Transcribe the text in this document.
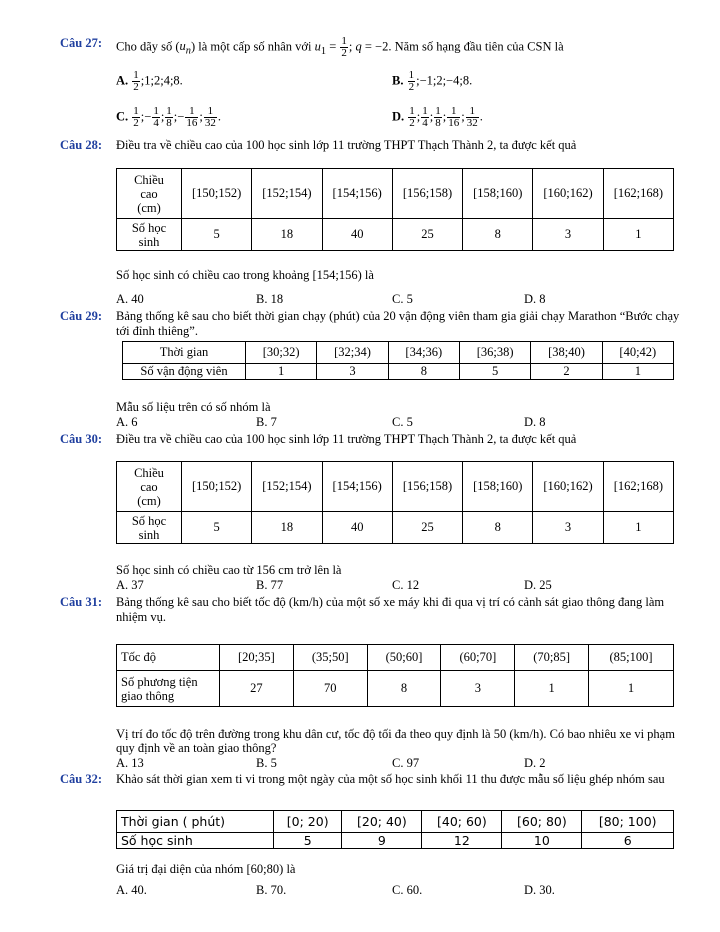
Câu 27:	Cho dãy số $(u_n)$ là một cấp số nhân với $u_1 = \frac{1}{2}$ ; q = −2. Năm số hạng đầu tiên của CSN là
A. $\frac{1}{2}$ ;1;2;4;8.	B. $\frac{1}{2}$ ;−1;2;−4;8.
C. $\frac{1}{2}$ ;− $\frac{1}{4}$ ; $\frac{1}{8}$ ;− $\frac{1}{16}$ ; $\frac{1}{32}$ .	D. $\frac{1}{2}$ ; $\frac{1}{4}$ ; $\frac{1}{8}$ ; $\frac{1}{16}$ ; $\frac{1}{32}$ .
Câu 28:	Điều tra về chiều cao của 100 học sinh lớp 11 trường THPT Thạch Thành 2, ta được kết quả
Chiều
cao
(cm)	[150;152)	[152;154)	[154;156)	[156;158)	[158;160)	[160;162)	[162;168)
Số học
sinh	5	18	40	25	8	3	1
Số học sinh có chiều cao trong khoảng [154;156) là
A. 40	B. 18	C. 5	D. 8
Câu 29:	Bảng thống kê sau cho biết thời gian chạy (phút) của 20 vận động viên tham gia giải chạy Marathon “Bước chạy tới đỉnh thiêng”.
Thời gian	[30;32)	[32;34)	[34;36)	[36;38)	[38;40)	[40;42)
Số vận động viên	1	3	8	5	2	1
Mẫu số liệu trên có số nhóm là
A. 6	B. 7	C. 5	D. 8
Câu 30:	Điều tra về chiều cao của 100 học sinh lớp 11 trường THPT Thạch Thành 2, ta được kết quả
Chiều
cao
(cm)	[150;152)	[152;154)	[154;156)	[156;158)	[158;160)	[160;162)	[162;168)
Số học
sinh	5	18	40	25	8	3	1
Số học sinh có chiều cao từ 156 cm trở lên là
A. 37	B. 77	C. 12	D. 25
Câu 31:	Bảng thống kê sau cho biết tốc độ (km/h) của một số xe máy khi đi qua vị trí có cảnh sát giao thông đang làm nhiệm vụ.
Tốc độ	[20;35]	(35;50]	(50;60]	(60;70]	(70;85]	(85;100]
Số phương tiện giao thông	27	70	8	3	1	1
Vị trí đo tốc độ trên đường trong khu dân cư, tốc độ tối đa theo quy định là 50 (km/h). Có bao nhiêu xe vi phạm quy định về an toàn giao thông?
A. 13	B. 5	C. 97	D. 2
Câu 32:	Khảo sát thời gian xem ti vi trong một ngày của một số học sinh khối 11 thu được mẫu số liệu ghép nhóm sau
Thời gian ( phút)	[0; 20)	[20; 40)	[40; 60)	[60; 80)	[80; 100)
Số học sinh	5	9	12	10	6
Giá trị đại diện của nhóm [60;80) là
A. 40.	B. 70.	C. 60.	D. 30.
